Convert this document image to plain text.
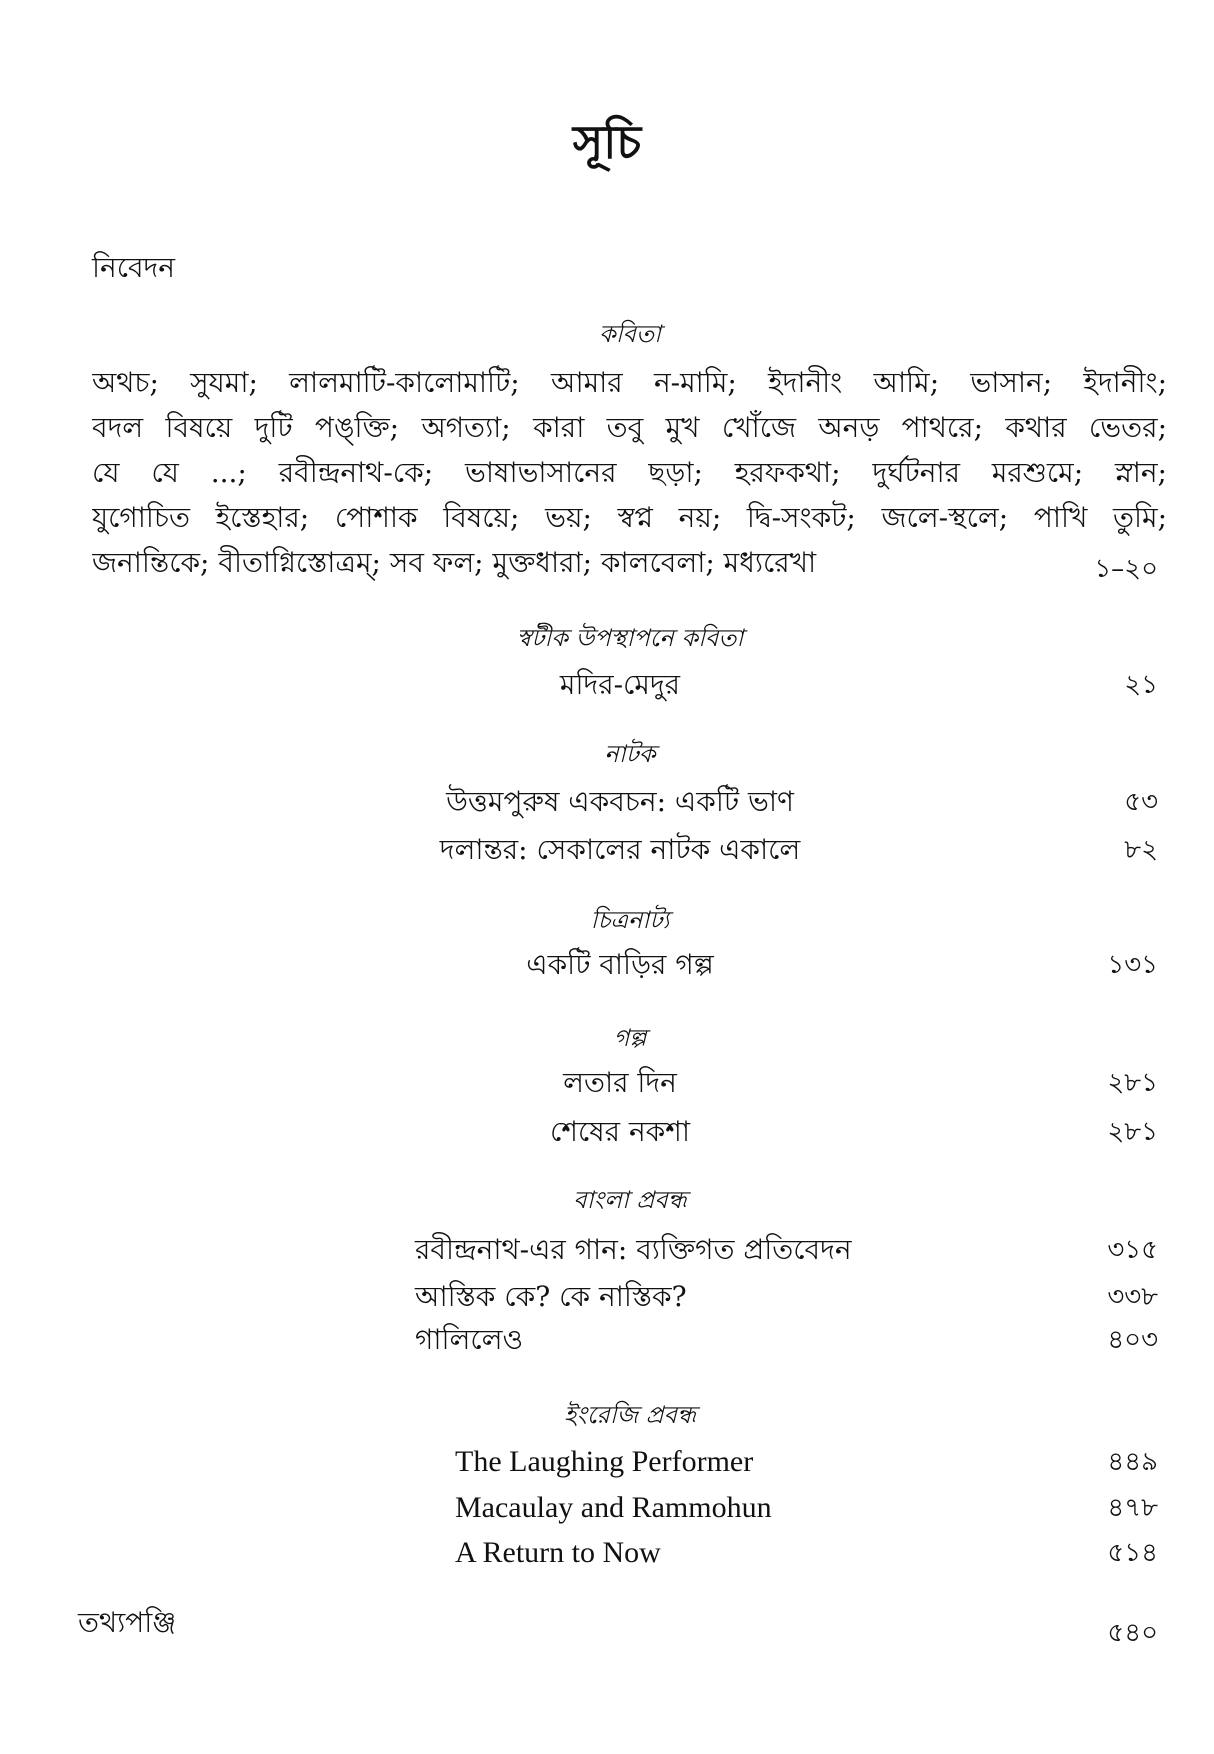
সূচি
নিবেদন
কবিতা
অথচ; সুযমা; লালমাটি-কালোমাটি; আমার ন-মামি; ইদানীং আমি; ভাসান; ইদানীং;
বদল বিষয়ে দুটি পঙ্‌ক্তি; অগত্যা; কারা তবু মুখ খোঁজে অনড় পাথরে; কথার ভেতর;
যে যে ...; রবীন্দ্রনাথ-কে; ভাষাভাসানের ছড়া; হরফকথা; দুর্ঘটনার মরশুমে; স্নান;
যুগোচিত ইস্তেহার; পোশাক বিষয়ে; ভয়; স্বপ্ন নয়; দ্বি-সংকট; জলে-স্থলে; পাখি তুমি;
জনান্তিকে; বীতাগ্নিস্তোত্রম্‌; সব ফল; মুক্তধারা; কালবেলা; মধ্যরেখা	১–২০
স্বটীক উপস্থাপনে কবিতা
মদির-মেদুর	২১
নাটক
উত্তমপুরুষ একবচন: একটি ভাণ	৫৩
দলান্তর: সেকালের নাটক একালে	৮২
চিত্রনাট্য
একটি বাড়ির গল্প	১৩১
গল্প
লতার দিন	২৮১
শেষের নকশা	২৮১
বাংলা প্রবন্ধ
রবীন্দ্রনাথ-এর গান: ব্যক্তিগত প্রতিবেদন	৩১৫
আস্তিক কে? কে নাস্তিক?	৩৩৮
গালিলেও	৪০৩
ইংরেজি প্রবন্ধ
The Laughing Performer	৪৪৯
Macaulay and Rammohun	৪৭৮
A Return to Now	৫১৪
তথ্যপঞ্জি	৫৪০
